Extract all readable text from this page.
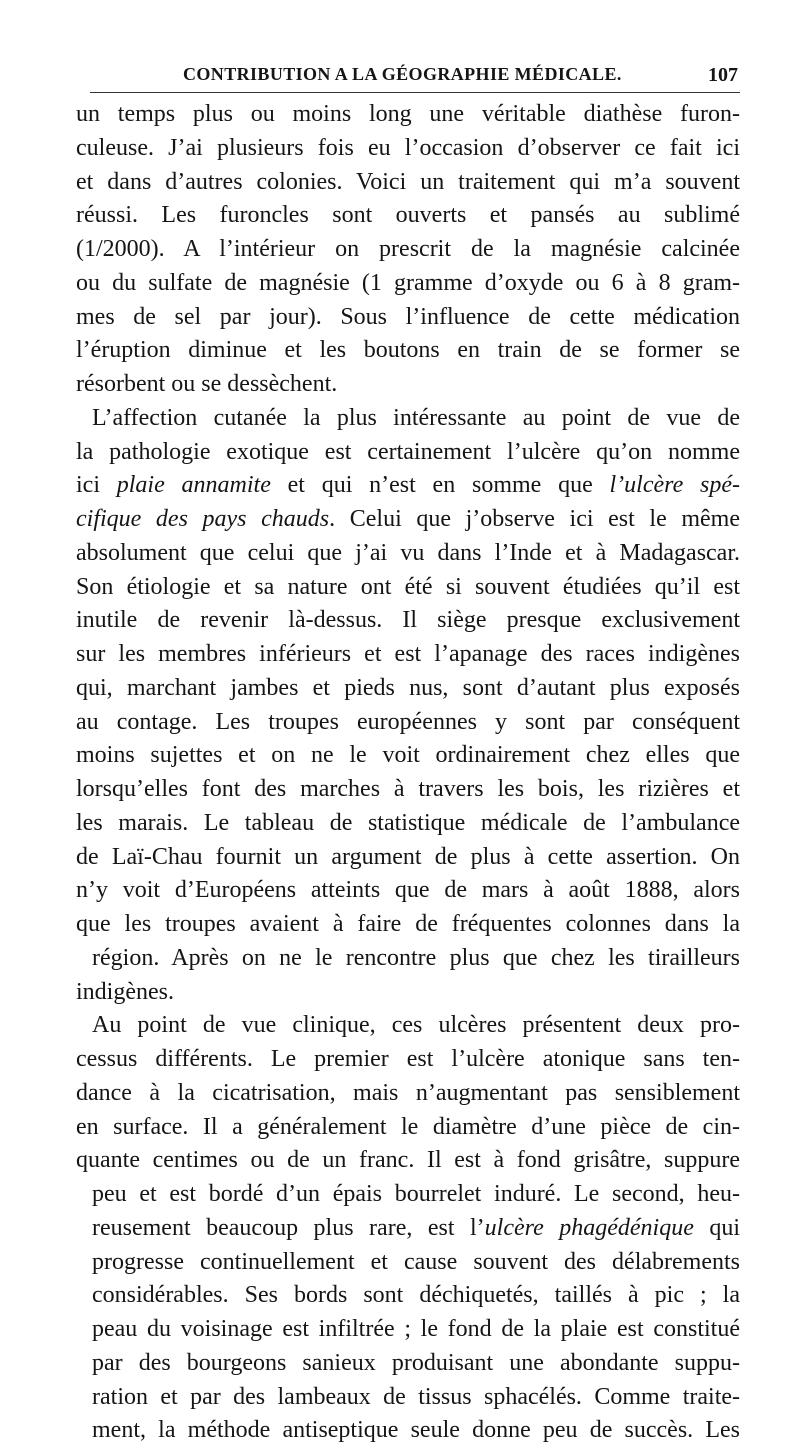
CONTRIBUTION A LA GÉOGRAPHIE MÉDICALE.	107
un temps plus ou moins long une véritable diathèse furon-
culeuse. J’ai plusieurs fois eu l’occasion d’observer ce fait ici
et dans d’autres colonies. Voici un traitement qui m’a souvent
réussi. Les furoncles sont ouverts et pansés au sublimé
(1/2000). A l’intérieur on prescrit de la magnésie calcinée
ou du sulfate de magnésie (1 gramme d’oxyde ou 6 à 8 gram-
mes de sel par jour). Sous l’influence de cette médication
l’éruption diminue et les boutons en train de se former se
résorbent ou se dessèchent.
L’affection cutanée la plus intéressante au point de vue de
la pathologie exotique est certainement l’ulcère qu’on nomme
ici plaie annamite et qui n’est en somme que l’ulcère spé-
cifique des pays chauds. Celui que j’observe ici est le même
absolument que celui que j’ai vu dans l’Inde et à Madagascar.
Son étiologie et sa nature ont été si souvent étudiées qu’il est
inutile de revenir là-dessus. Il siège presque exclusivement
sur les membres inférieurs et est l’apanage des races indigènes
qui, marchant jambes et pieds nus, sont d’autant plus exposés
au contage. Les troupes européennes y sont par conséquent
moins sujettes et on ne le voit ordinairement chez elles que
lorsqu’elles font des marches à travers les bois, les rizières et
les marais. Le tableau de statistique médicale de l’ambulance
de Laï-Chau fournit un argument de plus à cette assertion. On
n’y voit d’Européens atteints que de mars à août 1888, alors
que les troupes avaient à faire de fréquentes colonnes dans la
région. Après on ne le rencontre plus que chez les tirailleurs
indigènes.
Au point de vue clinique, ces ulcères présentent deux pro-
cessus différents. Le premier est l’ulcère atonique sans ten-
dance à la cicatrisation, mais n’augmentant pas sensiblement
en surface. Il a généralement le diamètre d’une pièce de cin-
quante centimes ou de un franc. Il est à fond grisâtre, suppure
peu et est bordé d’un épais bourrelet induré. Le second, heu-
reusement beaucoup plus rare, est l’ulcère phagédénique qui
progresse continuellement et cause souvent des délabrements
considérables. Ses bords sont déchiquetés, taillés à pic ; la
peau du voisinage est infiltrée ; le fond de la plaie est constitué
par des bourgeons sanieux produisant une abondante suppu-
ration et par des lambeaux de tissus sphacélés. Comme traite-
ment, la méthode antiseptique seule donne peu de succès. Les
